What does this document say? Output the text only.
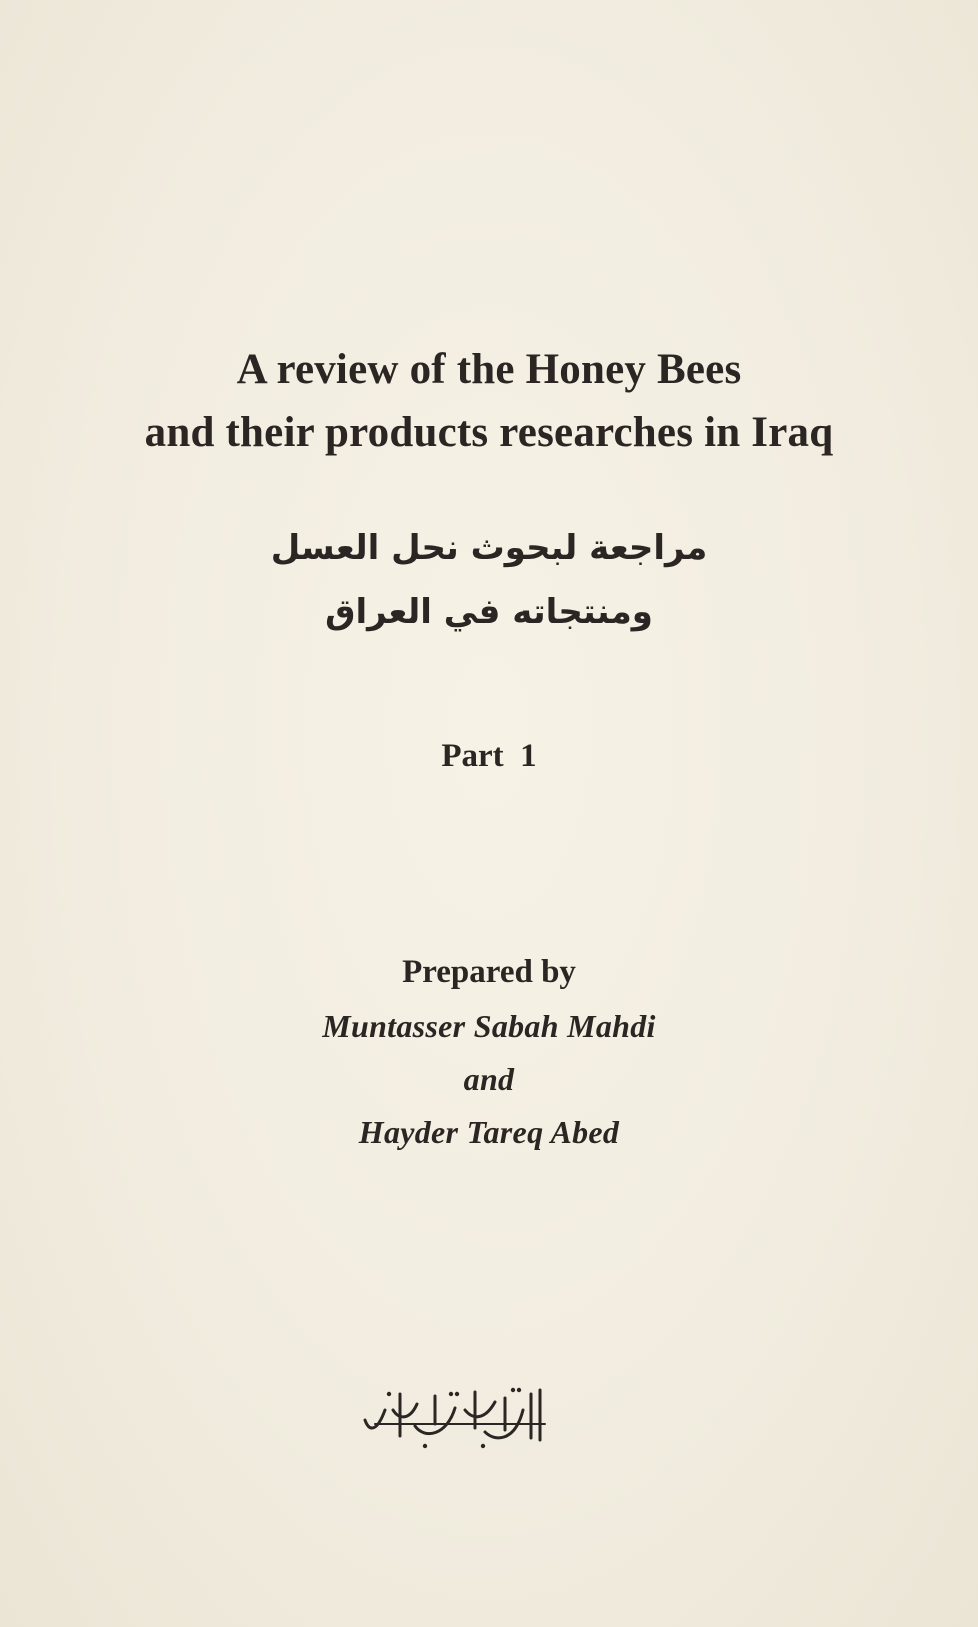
A review of the Honey Bees
and their products researches in Iraq
مراجعة لبحوث نحل العسل
ومنتجاته في العراق
Part  1
Prepared by
Muntasser Sabah Mahdi
and
Hayder Tareq Abed
